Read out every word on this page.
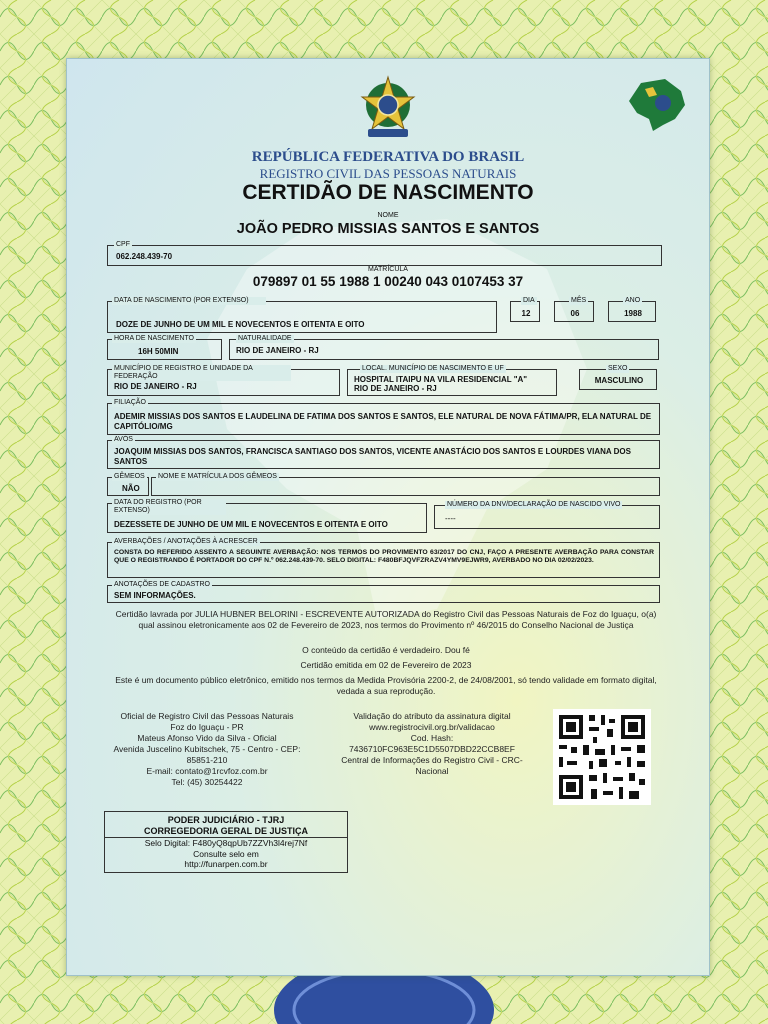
REPÚBLICA FEDERATIVA DO BRASIL
REGISTRO CIVIL DAS PESSOAS NATURAIS
CERTIDÃO DE NASCIMENTO
NOME
JOÃO PEDRO MISSIAS SANTOS E SANTOS
CPF
062.248.439-70
MATRÍCULA
079897 01 55 1988 1 00240 043 0107453 37
DATA DE NASCIMENTO (POR EXTENSO)
DOZE DE JUNHO DE UM MIL E NOVECENTOS E OITENTA E OITO
DIA
12
MÊS
06
ANO
1988
HORA DE NASCIMENTO
16H 50MIN
NATURALIDADE
RIO DE JANEIRO - RJ
MUNICÍPIO DE REGISTRO E UNIDADE DA FEDERAÇÃO
RIO DE JANEIRO - RJ
LOCAL. MUNICÍPIO DE NASCIMENTO E UF
HOSPITAL ITAIPU NA VILA RESIDENCIAL "A"
RIO DE JANEIRO - RJ
SEXO
MASCULINO
FILIAÇÃO
ADEMIR MISSIAS DOS SANTOS E LAUDELINA DE FATIMA DOS SANTOS E SANTOS, ELE NATURAL DE NOVA FÁTIMA/PR, ELA NATURAL DE CAPITÓLIO/MG
AVÓS
JOAQUIM MISSIAS DOS SANTOS, FRANCISCA SANTIAGO DOS SANTOS, VICENTE ANASTÁCIO DOS SANTOS E LOURDES VIANA DOS SANTOS
GÊMEOS
NÃO
NOME E MATRÍCULA DOS GÊMEOS
DATA DO REGISTRO (POR EXTENSO)
DEZESSETE DE JUNHO DE UM MIL E NOVECENTOS E OITENTA E OITO
NÚMERO DA DNV/DECLARAÇÃO DE NASCIDO VIVO
----
AVERBAÇÕES / ANOTAÇÕES À ACRESCER
CONSTA DO REFERIDO ASSENTO A SEGUINTE AVERBAÇÃO: NOS TERMOS DO PROVIMENTO 63/2017 DO CNJ, FAÇO A PRESENTE AVERBAÇÃO PARA CONSTAR QUE O REGISTRANDO É PORTADOR DO CPF N.º 062.248.439-70. SELO DIGITAL: F480BFJQVFZRAZV4YMV9EJWR9, AVERBADO NO DIA 02/02/2023.
ANOTAÇÕES DE CADASTRO
SEM INFORMAÇÕES.
Certidão lavrada por JULIA HUBNER BELORINI - ESCREVENTE AUTORIZADA do Registro Civil das Pessoas Naturais de Foz do Iguaçu, o(a) qual assinou eletronicamente aos 02 de Fevereiro de 2023, nos termos do Provimento nº 46/2015 do Conselho Nacional de Justiça
O conteúdo da certidão é verdadeiro. Dou fé
Certidão emitida em 02 de Fevereiro de 2023
Este é um documento público eletrônico, emitido nos termos da Medida Provisória 2200-2, de 24/08/2001, só tendo validade em formato digital, vedada a sua reprodução.
Oficial de Registro Civil das Pessoas Naturais
Foz do Iguaçu - PR
Mateus Afonso Vido da Silva - Oficial
Avenida Juscelino Kubitschek, 75 - Centro - CEP:
85851-210
E-mail: contato@1rcvfoz.com.br
Tel: (45) 30254422
Validação do atributo da assinatura digital
www.registrocivil.org.br/validacao
Cod. Hash:
7436710FC963E5C1D5507DBD22CCB8EF
Central de Informações do Registro Civil - CRC-
Nacional
PODER JUDICIÁRIO - TJRJ
CORREGEDORIA GERAL DE JUSTIÇA
Selo Digital: F480yQ8qpUb7ZZVh3l4rej7Nf
Consulte selo em
http://funarpen.com.br
